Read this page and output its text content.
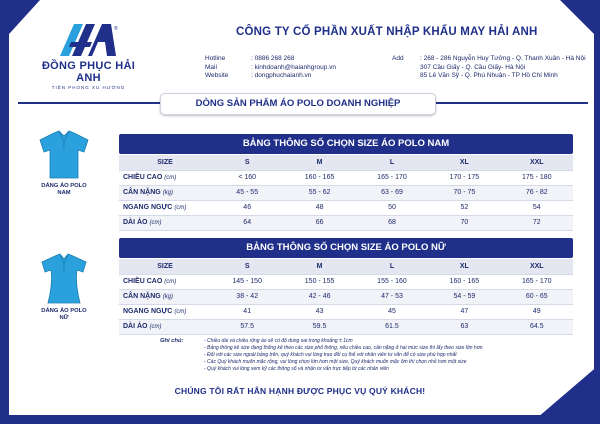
®
ĐỒNG PHỤC HẢI ANH
TIÊN PHONG XU HƯỚNG
CÔNG TY CỔ PHẦN XUẤT NHẬP KHẨU MAY HẢI ANH
Hotline	: 0886 268 268
Mail	: kinhdoanh@haianhgroup.vn
Website	: dongphuchaianh.vn
Add	: 268 - 286 Nguyễn Huy Tưởng - Q. Thanh Xuân - Hà Nội
307 Cầu Giấy - Q. Cầu Giấy- Hà Nội
85 Lê Văn Sỹ - Q. Phú Nhuận - TP Hồ Chí Minh
DÒNG SẢN PHẨM ÁO POLO DOANH NGHIỆP
DÁNG ÁO POLO
NAM
DÁNG ÁO POLO
NỮ
BẢNG THÔNG SỐ CHỌN SIZE ÁO POLO NAM
SIZE	S	M	L	XL	XXL
CHIỀU CAO (cm)	< 160	160 - 165	165 - 170	170 - 175	175 - 180
CÂN NẶNG (kg)	45 - 55	55 - 62	63 - 69	70 - 75	76 - 82
NGANG NGỰC (cm)	46	48	50	52	54
DÀI ÁO (cm)	64	66	68	70	72
BẢNG THÔNG SỐ CHỌN SIZE ÁO POLO NỮ
SIZE	S	M	L	XL	XXL
CHIỀU CAO (cm)	145 - 150	150 - 155	155 - 160	160 - 165	165 - 170
CÂN NẶNG (kg)	38 - 42	42 - 46	47 - 53	54 - 59	60 - 65
NGANG NGỰC (cm)	41	43	45	47	49
DÀI ÁO (cm)	57.5	59.5	61.5	63	64.5
Ghi chú:	- Chiều dài và chiều rộng áo sẽ có độ dung sai trong khoảng ± 1cm
- Bảng thông kê size đang thống kê theo các size phổ thông, nếu chiều cao, cân nặng ở hai mức size thì lấy theo size lớn hơn
- Đối với các size ngoài bảng trên, quý khách vui lòng trao đổi cụ thể với nhân viên tư vấn để có size phù hợp nhất
- Các Quý khách muốn mặc rộng, vui lòng chọn lớn hơn một size, Quý khách muốn mặc ôm thì chọn nhỏ hơn một size
- Quý khách vui lòng xem kỹ các thông số và nhận tư vấn trực tiếp từ các nhân viên
CHÚNG TÔI RẤT HÂN HẠNH ĐƯỢC PHỤC VỤ QUÝ KHÁCH!
